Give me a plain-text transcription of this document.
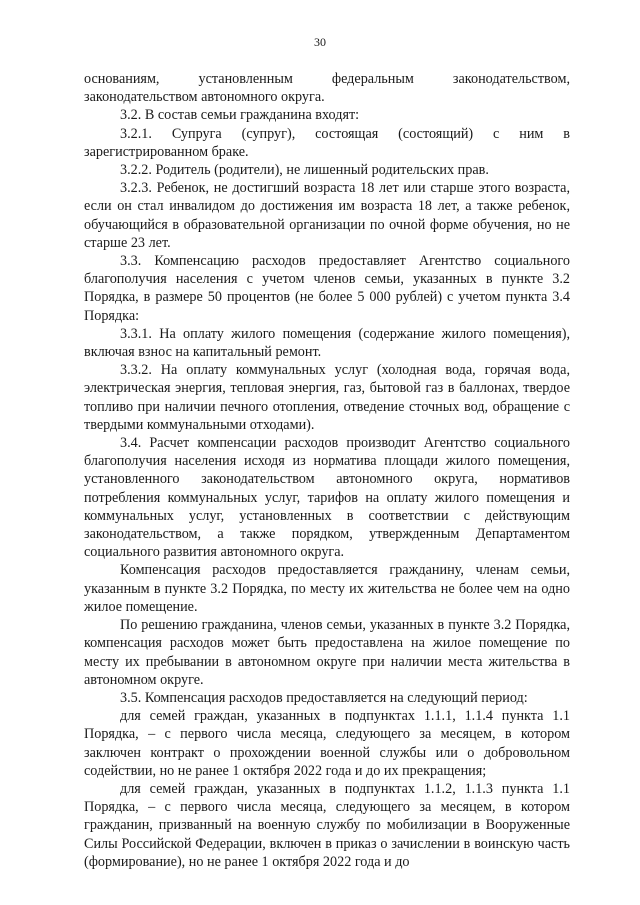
30

основаниям, установленным федеральным законодательством, законодательством автономного округа.

3.2. В состав семьи гражданина входят:

3.2.1. Супруга (супруг), состоящая (состоящий) с ним в зарегистрированном браке.

3.2.2. Родитель (родители), не лишенный родительских прав.

3.2.3. Ребенок, не достигший возраста 18 лет или старше этого возраста, если он стал инвалидом до достижения им возраста 18 лет, а также ребенок, обучающийся в образовательной организации по очной форме обучения, но не старше 23 лет.

3.3. Компенсацию расходов предоставляет Агентство социального благополучия населения с учетом членов семьи, указанных в пункте 3.2 Порядка, в размере 50 процентов (не более 5 000 рублей) с учетом пункта 3.4 Порядка:

3.3.1. На оплату жилого помещения (содержание жилого помещения), включая взнос на капитальный ремонт.

3.3.2. На оплату коммунальных услуг (холодная вода, горячая вода, электрическая энергия, тепловая энергия, газ, бытовой газ в баллонах, твердое топливо при наличии печного отопления, отведение сточных вод, обращение с твердыми коммунальными отходами).

3.4. Расчет компенсации расходов производит Агентство социального благополучия населения исходя из норматива площади жилого помещения, установленного законодательством автономного округа, нормативов потребления коммунальных услуг, тарифов на оплату жилого помещения и коммунальных услуг, установленных в соответствии с действующим законодательством, а также порядком, утвержденным Департаментом социального развития автономного округа.

Компенсация расходов предоставляется гражданину, членам семьи, указанным в пункте 3.2 Порядка, по месту их жительства не более чем на одно жилое помещение.

По решению гражданина, членов семьи, указанных в пункте 3.2 Порядка, компенсация расходов может быть предоставлена на жилое помещение по месту их пребывании в автономном округе при наличии места жительства в автономном округе.

3.5. Компенсация расходов предоставляется на следующий период:

для семей граждан, указанных в подпунктах 1.1.1, 1.1.4 пункта 1.1 Порядка, – с первого числа месяца, следующего за месяцем, в котором заключен контракт о прохождении военной службы или о добровольном содействии, но не ранее 1 октября 2022 года и до их прекращения;

для семей граждан, указанных в подпунктах 1.1.2, 1.1.3 пункта 1.1 Порядка, – с первого числа месяца, следующего за месяцем, в котором гражданин, призванный на военную службу по мобилизации в Вооруженные Силы Российской Федерации, включен в приказ о зачислении в воинскую часть (формирование), но не ранее 1 октября 2022 года и до
